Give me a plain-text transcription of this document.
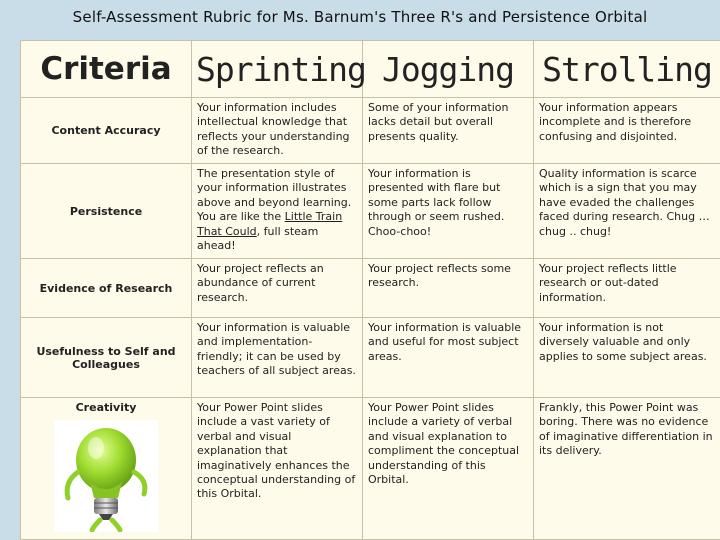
Self-Assessment Rubric for Ms. Barnum's Three R's and Persistence Orbital
Criteria	Sprinting	Jogging	Strolling
Content Accuracy	Your information includes intellectual knowledge that reflects your understanding of the research.	Some of your information lacks detail but overall presents quality.	Your information appears incomplete and is therefore confusing and disjointed.
Persistence	The presentation style of your information illustrates above and beyond learning. You are like the Little Train That Could, full steam ahead!	Your information is presented with flare but some parts lack follow through or seem rushed. Choo-choo!	Quality information is scarce which is a sign that you may have evaded the challenges faced during research. Chug … chug .. chug!
Evidence of Research	Your project reflects an abundance of current research.	Your project reflects some research.	Your project reflects little research or out-dated information.
Usefulness to Self and Colleagues	Your information is valuable and implementation-friendly; it can be used by teachers of all subject areas.	Your information is valuable and useful for most subject areas.	Your information is not diversely valuable and only applies to some subject areas.

Creativity	Your Power Point slides include a vast variety of verbal and visual explanation that imaginatively enhances the conceptual understanding of this Orbital.	Your Power Point slides include a variety of verbal and visual explanation to compliment the conceptual understanding of this Orbital.	Frankly, this Power Point was boring. There was no evidence of imaginative differentiation in its delivery.
